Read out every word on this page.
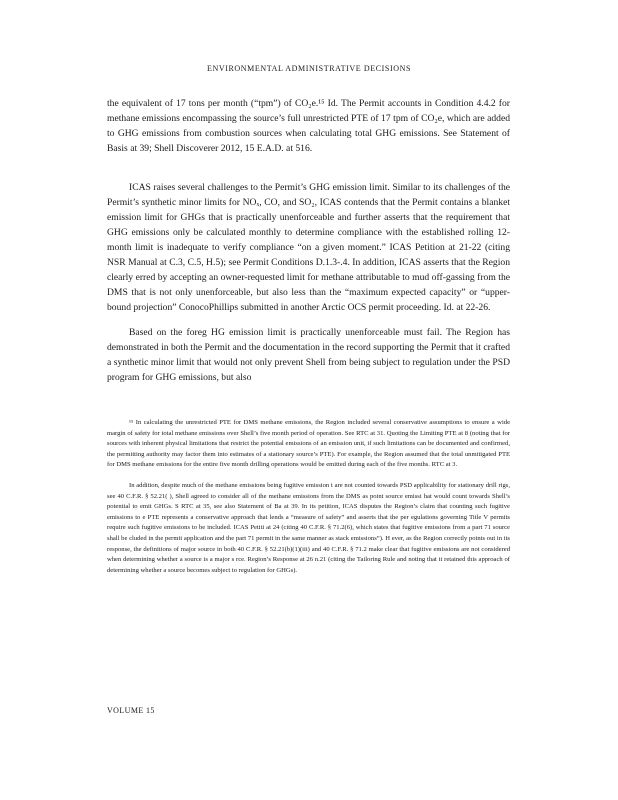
ENVIRONMENTAL ADMINISTRATIVE DECISIONS

the equivalent of 17 tons per month (“tpm”) of CO₂e.¹⁵ Id. The Permit accounts in Condition 4.4.2 for methane emissions encompassing the source’s full unrestricted PTE of 17 tpm of CO₂e, which are added to GHG emissions from combustion sources when calculating total GHG emissions. See Statement of Basis at 39; Shell Discoverer 2012, 15 E.A.D. at 516.

ICAS raises several challenges to the Permit’s GHG emission limit. Similar to its challenges of the Permit’s synthetic minor limits for NOₓ, CO, and SO₂, ICAS contends that the Permit contains a blanket emission limit for GHGs that is practically unenforceable and further asserts that the requirement that GHG emissions only be calculated monthly to determine compliance with the established rolling 12-month limit is inadequate to verify compliance “on a given moment.” ICAS Petition at 21-22 (citing NSR Manual at C.3, C.5, H.5); see Permit Conditions D.1.3-.4. In addition, ICAS asserts that the Region clearly erred by accepting an owner-requested limit for methane attributable to mud off-gassing from the DMS that is not only unenforceable, but also less than the “maximum expected capacity” or “upper-bound projection” ConocoPhillips submitted in another Arctic OCS permit proceeding. Id. at 22-26.

Based on the foreg HG emission limit is practically unenforceable must fail. The Region has demonstrated in both the Permit and the documentation in the record supporting the Permit that it crafted a synthetic minor limit that would not only prevent Shell from being subject to regulation under the PSD program for GHG emissions, but also

¹⁵ In calculating the unrestricted PTE for DMS methane emissions, the Region included several conservative assumptions to ensure a wide margin of safety for total methane emissions over Shell’s five month period of operation. See RTC at 31. Quoting the Limiting PTE at 8 (noting that for sources with inherent physical limitations that restrict the potential emissions of an emission unit, if such limitations can be documented and confirmed, the permitting authority may factor them into estimates of a stationary source’s PTE). For example, the Region assumed that the total unmitigated PTE for DMS methane emissions for the entire five month drilling operations would be emitted during each of the five months. RTC at 3.

In addition, despite much of the methane emissions being fugitive emission t are not counted towards PSD applicability for stationary drill rigs, see 40 C.F.R. § 52.21( ), Shell agreed to consider all of the methane emissions from the DMS as point source emissi hat would count towards Shell’s potential to emit GHGs. S RTC at 35, see also Statement of Ba at 39. In its petition, ICAS disputes the Region’s claim that counting such fugitive emissions to e PTE represents a conservative approach that lends a “measure of safety” and asserts that the per egulations governing Title V permits require such fugitive emissions to be included. ICAS Petiti at 24 (citing 40 C.F.R. § 71.2(6), which states that fugitive emissions from a part 71 source shall be cluded in the permit application and the part 71 permit in the same manner as stack emissions”). H ever, as the Region correctly points out in its response, the definitions of major source in both 40 C.F.R. § 52.21(b)(1)(iii) and 40 C.F.R. § 71.2 make clear that fugitive emissions are not considered when determining whether a source is a major s rce. Region’s Response at 26 n.21 (citing the Tailoring Rule and noting that it retained this approach of determining whether a source becomes subject to regulation for GHGs).

VOLUME 15
